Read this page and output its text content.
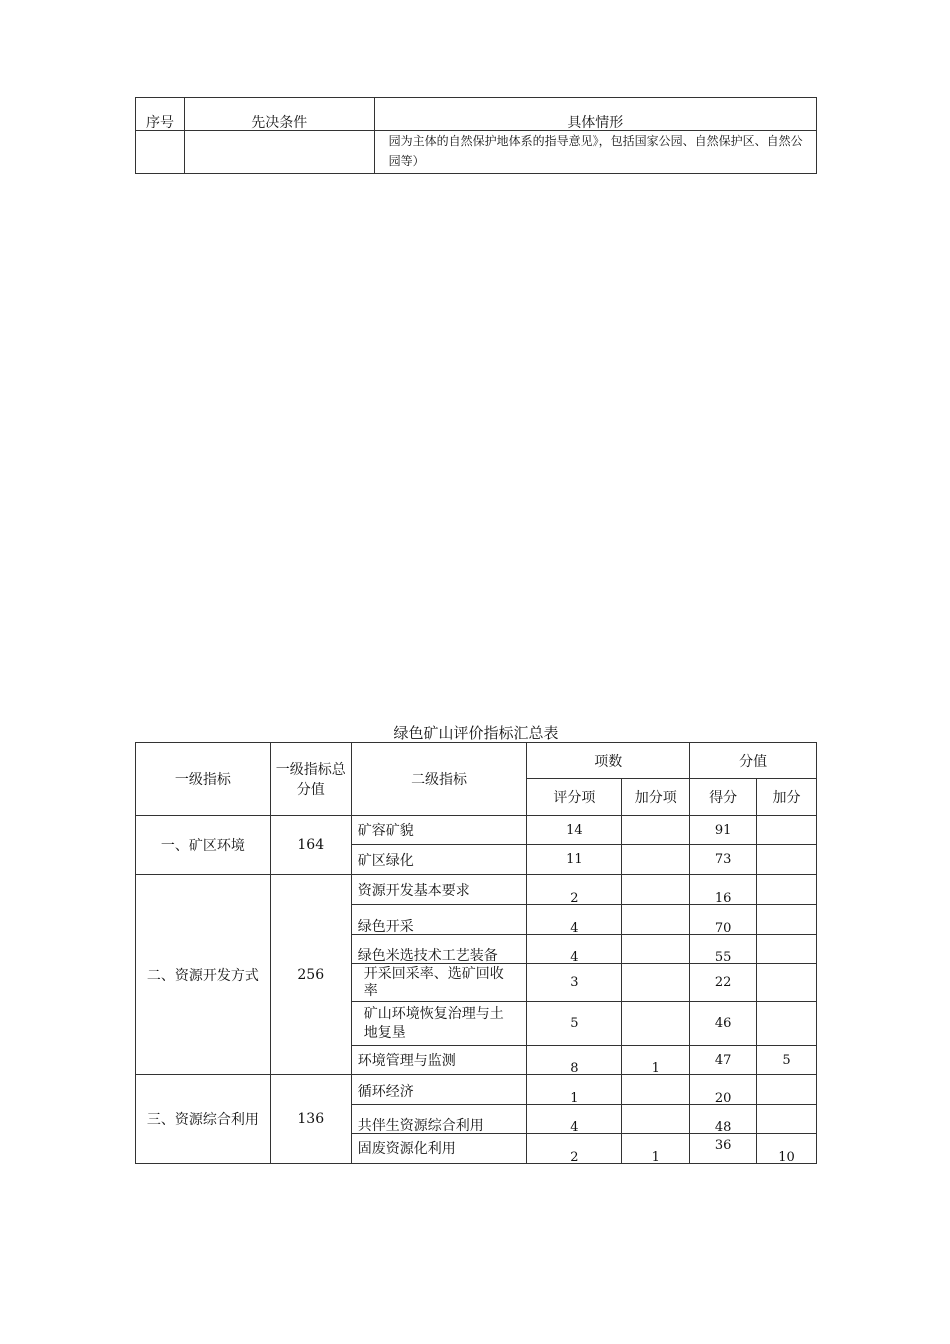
序号	先决条件	具体情形
		园为主体的自然保护地体系的指导意见》，包括国家公园、自然保护区、自然公园等）
绿色矿山评价指标汇总表
一级指标	一级指标总分值	二级指标	项数		分值	
			评分项	加分项	得分	加分
一、矿区环境	164	矿容矿貌	14		91	
		矿区绿化	11		73	
二、资源开发方式	256	资源开发基本要求	2		16	
		绿色开采	4		70	
		绿色米选技术工艺装备	4		55	
		开采回采率、选矿回收率	3		22	
		矿山环境恢复治理与土地复垦	5		46	
		环境管理与监测	8	1	47	5
三、资源综合利用	136	循环经济	1		20	
		共伴生资源综合利用	4		48	
		固废资源化利用	2	1	36	10
